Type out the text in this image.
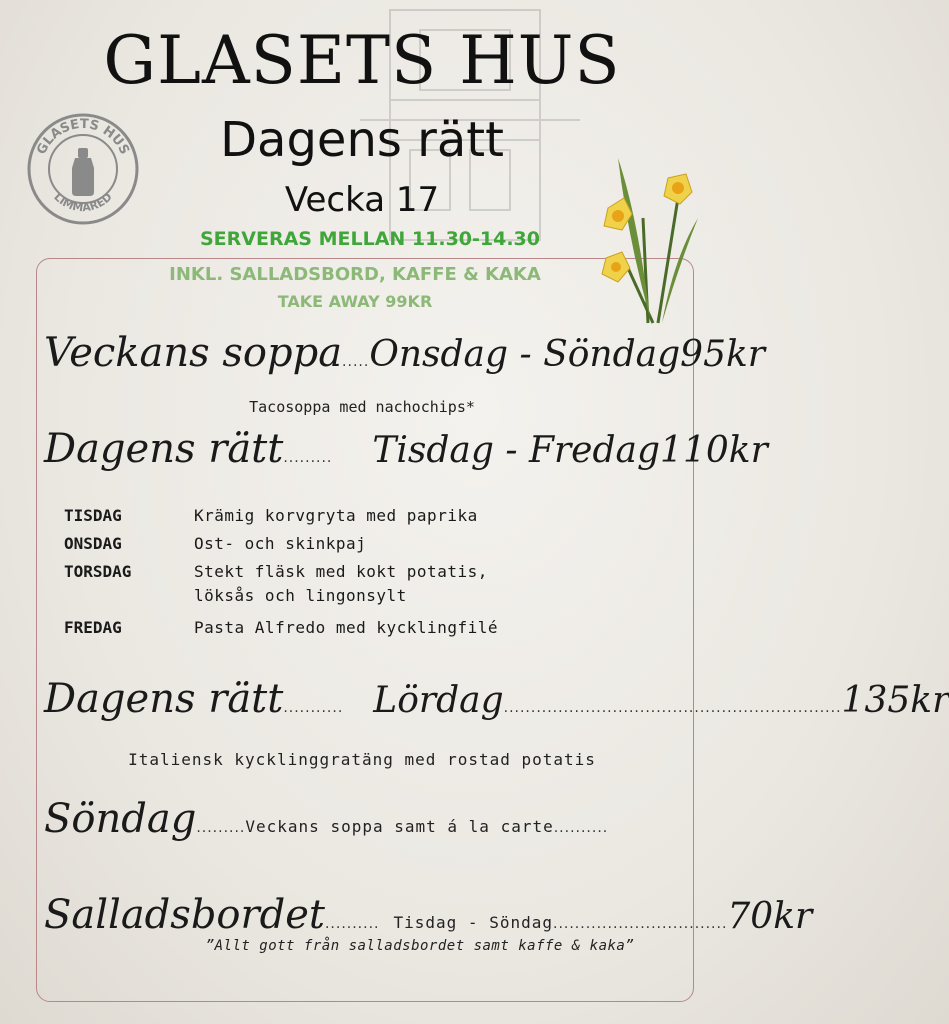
GLASETS HUS
LIMMARED
GLASETS HUS
Dagens rätt
Vecka 17
SERVERAS MELLAN 11.30-14.30
INKL. SALLADSBORD, KAFFE & KAKA
TAKE AWAY 99KR
Veckans soppa ..... Onsdag - Söndag 95kr
Tacosoppa med nachochips*
Dagens rätt ......... Tisdag - Fredag 110kr
TISDAG	Krämig korvgryta med paprika
ONSDAG	Ost- och skinkpaj
TORSDAG	Stekt fläsk med kokt potatis,
löksås och lingonsylt
FREDAG	Pasta Alfredo med kycklingfilé
Dagens rätt ........... Lördag .............................................................. 135kr
Italiensk kycklinggratäng med rostad potatis
Söndag ......... Veckans soppa samt á la carte ..........
Salladsbordet .......... Tisdag - Söndag ................................ 70kr
”Allt gott från salladsbordet samt kaffe & kaka”
